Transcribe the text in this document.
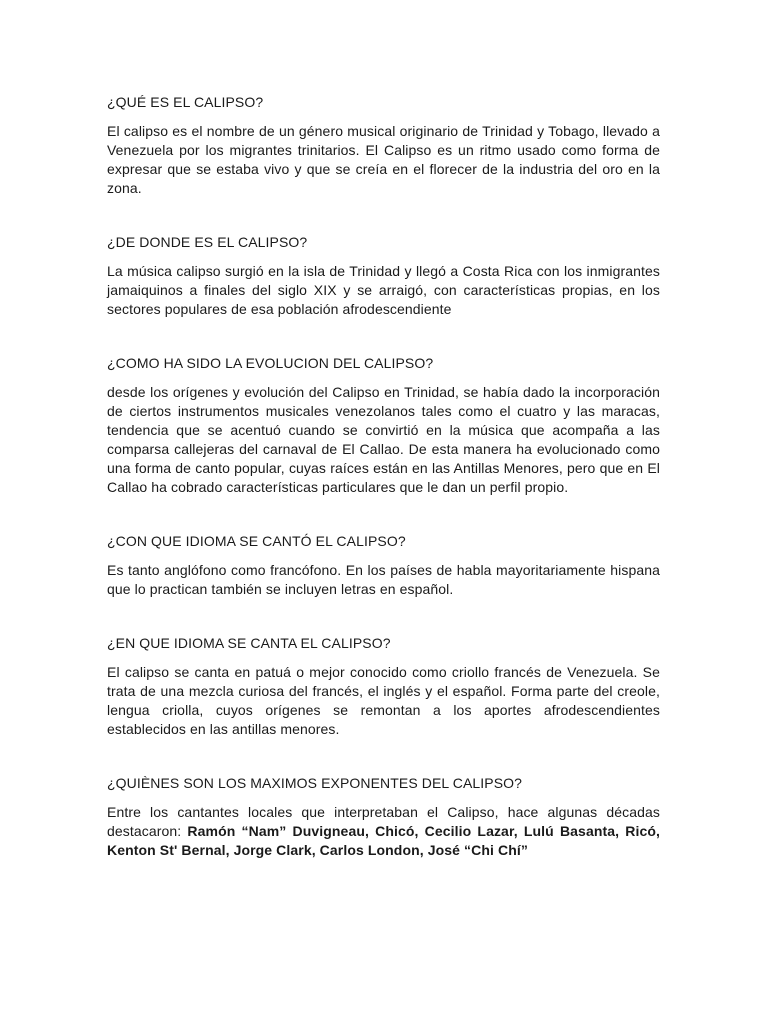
¿QUÉ ES EL CALIPSO?

El calipso es el nombre de un género musical originario de Trinidad y Tobago, llevado a Venezuela por los migrantes trinitarios. El Calipso es un ritmo usado como forma de expresar que se estaba vivo y que se creía en el florecer de la industria del oro en la zona.

¿DE DONDE ES EL CALIPSO?

La música calipso surgió en la isla de Trinidad y llegó a Costa Rica con los inmigrantes jamaiquinos a finales del siglo XIX y se arraigó, con características propias, en los sectores populares de esa población afrodescendiente

¿COMO HA SIDO LA EVOLUCION DEL CALIPSO?

desde los orígenes y evolución del Calipso en Trinidad, se había dado la incorporación de ciertos instrumentos musicales venezolanos tales como el cuatro y las maracas, tendencia que se acentuó cuando se convirtió en la música que acompaña a las comparsa callejeras del carnaval de El Callao. De esta manera ha evolucionado como una forma de canto popular, cuyas raíces están en las Antillas Menores, pero que en El Callao ha cobrado características particulares que le dan un perfil propio.

¿CON QUE IDIOMA SE CANTÓ EL CALIPSO?

Es tanto anglófono como francófono. En los países de habla mayoritariamente hispana que lo practican también se incluyen letras en español.

¿EN QUE IDIOMA SE CANTA EL CALIPSO?

El calipso se canta en patuá o mejor conocido como criollo francés de Venezuela. Se trata de una mezcla curiosa del francés, el inglés y el español. Forma parte del creole, lengua criolla, cuyos orígenes se remontan a los aportes afrodescendientes establecidos en las antillas menores.

¿QUIÈNES SON LOS MAXIMOS EXPONENTES DEL CALIPSO?

Entre los cantantes locales que interpretaban el Calipso, hace algunas décadas destacaron: Ramón “Nam” Duvigneau, Chicó, Cecilio Lazar, Lulú Basanta, Ricó, Kenton St' Bernal, Jorge Clark, Carlos London, José “Chi Chí”
